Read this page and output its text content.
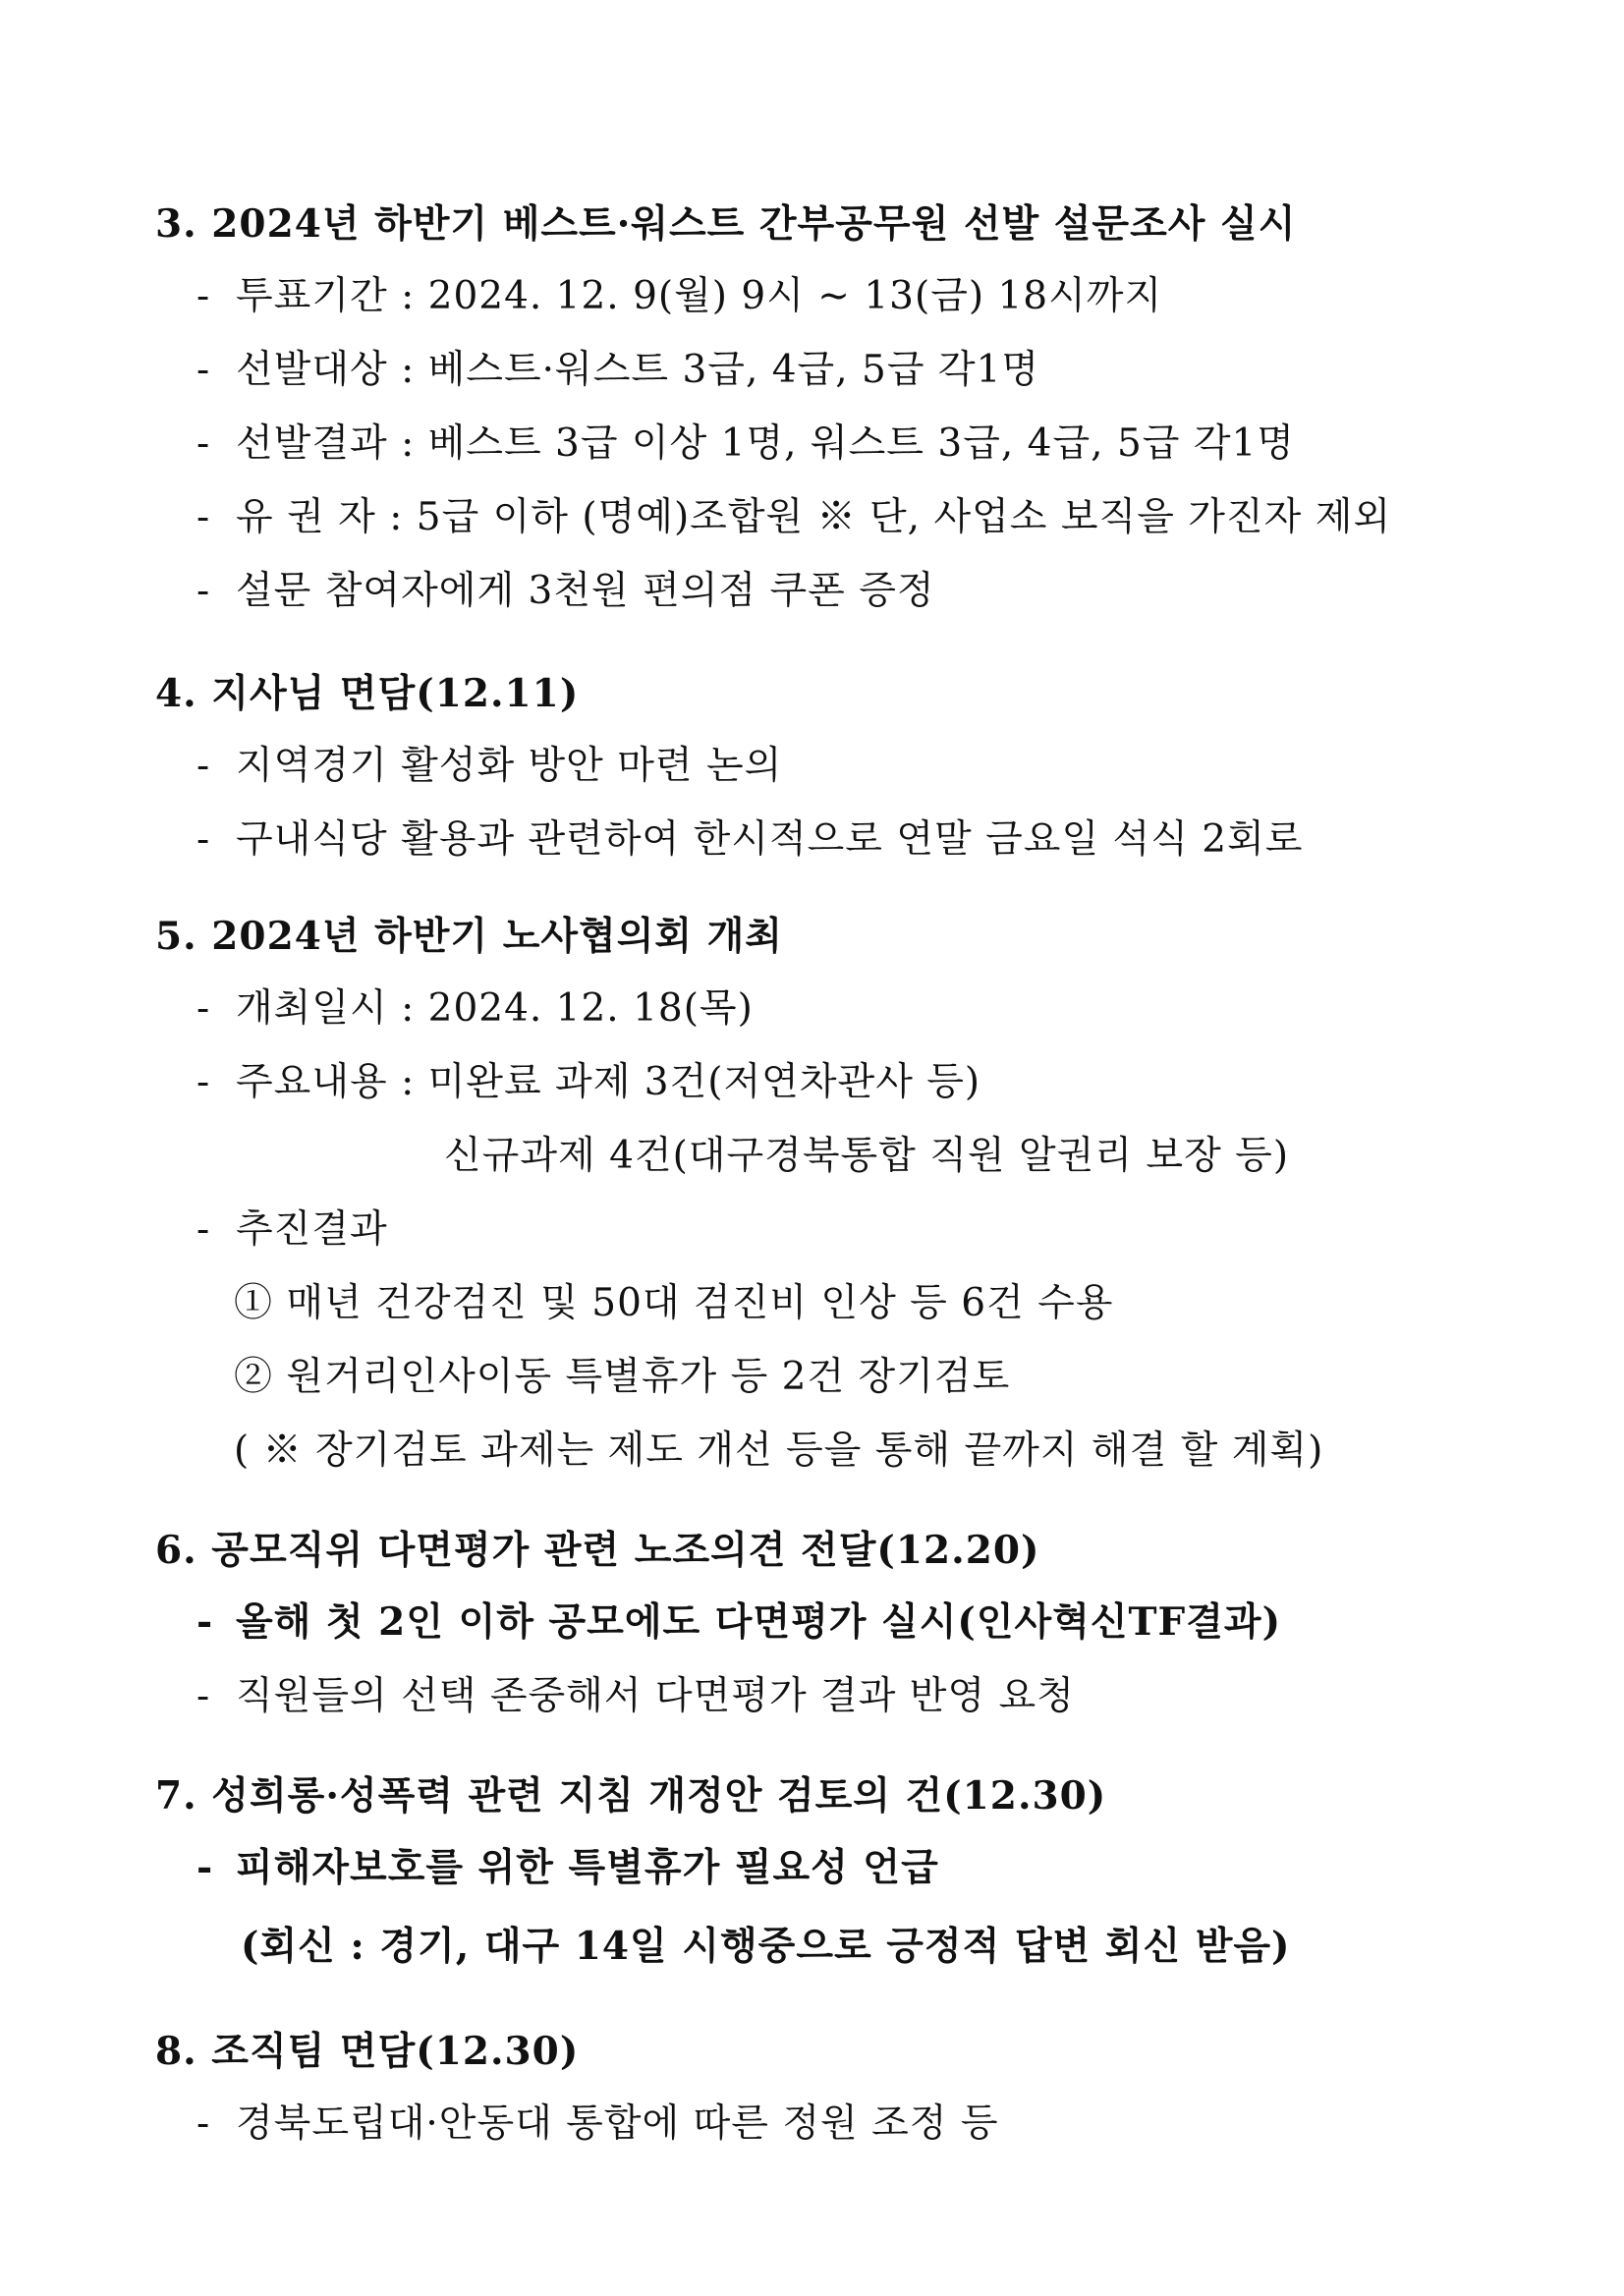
3. 2024년 하반기 베스트·워스트 간부공무원 선발 설문조사 실시
- 투표기간 : 2024. 12. 9(월) 9시 ~ 13(금) 18시까지
- 선발대상 : 베스트·워스트 3급, 4급, 5급 각1명
- 선발결과 : 베스트 3급 이상 1명, 워스트 3급, 4급, 5급 각1명
- 유 권 자 : 5급 이하 (명예)조합원 ※ 단, 사업소 보직을 가진자 제외
- 설문 참여자에게 3천원 편의점 쿠폰 증정
4. 지사님 면담(12.11)
- 지역경기 활성화 방안 마련 논의
- 구내식당 활용과 관련하여 한시적으로 연말 금요일 석식 2회로
5. 2024년 하반기 노사협의회 개최
- 개최일시 : 2024. 12. 18(목)
- 주요내용 : 미완료 과제 3건(저연차관사 등)
신규과제 4건(대구경북통합 직원 알권리 보장 등)
- 추진결과
① 매년 건강검진 및 50대 검진비 인상 등 6건 수용
② 원거리인사이동 특별휴가 등 2건 장기검토
( ※ 장기검토 과제는 제도 개선 등을 통해 끝까지 해결 할 계획)
6. 공모직위 다면평가 관련 노조의견 전달(12.20)
- 올해 첫 2인 이하 공모에도 다면평가 실시(인사혁신TF결과)
- 직원들의 선택 존중해서 다면평가 결과 반영 요청
7. 성희롱·성폭력 관련 지침 개정안 검토의 건(12.30)
- 피해자보호를 위한 특별휴가 필요성 언급
(회신 : 경기, 대구 14일 시행중으로 긍정적 답변 회신 받음)
8. 조직팀 면담(12.30)
- 경북도립대·안동대 통합에 따른 정원 조정 등
